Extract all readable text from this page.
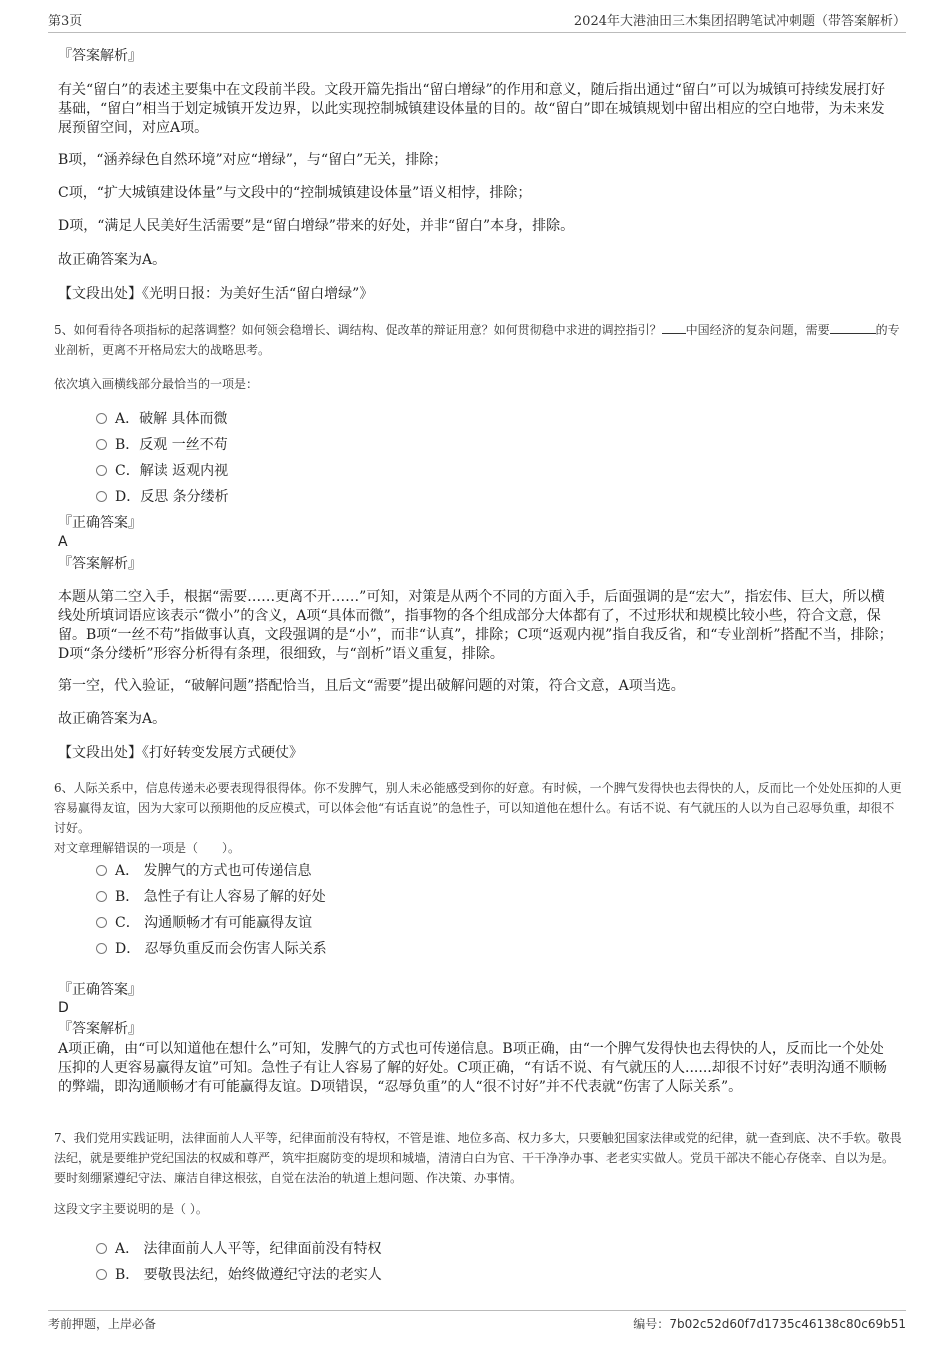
第3页	2024年大港油田三木集团招聘笔试冲刺题（带答案解析）

『答案解析』

有关“留白”的表述主要集中在文段前半段。文段开篇先指出“留白增绿”的作用和意义，随后指出通过“留白”可以为城镇可持续发展打好基础，“留白”相当于划定城镇开发边界，以此实现控制城镇建设体量的目的。故“留白”即在城镇规划中留出相应的空白地带，为未来发展预留空间，对应A项。

B项，“涵养绿色自然环境”对应“增绿”，与“留白”无关，排除；

C项，“扩大城镇建设体量”与文段中的“控制城镇建设体量”语义相悖，排除；

D项，“满足人民美好生活需要”是“留白增绿”带来的好处，并非“留白”本身，排除。

故正确答案为A。

【文段出处】《光明日报：为美好生活“留白增绿”》

5、如何看待各项指标的起落调整？如何领会稳增长、调结构、促改革的辩证用意？如何贯彻稳中求进的调控指引？ 中国经济的复杂问题，需要	的专业剖析，更离不开格局宏大的战略思考。

依次填入画横线部分最恰当的一项是：

A．破解 具体而微
B．反观 一丝不苟
C．解读 返观内视
D．反思 条分缕析

『正确答案』

A

『答案解析』

本题从第二空入手，根据“需要……更离不开……”可知，对策是从两个不同的方面入手，后面强调的是“宏大”，指宏伟、巨大，所以横线处所填词语应该表示“微小”的含义，A项“具体而微”，指事物的各个组成部分大体都有了，不过形状和规模比较小些，符合文意，保留。B项“一丝不苟”指做事认真，文段强调的是“小”，而非“认真”，排除；C项“返观内视”指自我反省，和“专业剖析”搭配不当，排除；D项“条分缕析”形容分析得有条理，很细致，与“剖析”语义重复，排除。

第一空，代入验证，“破解问题”搭配恰当，且后文“需要”提出破解问题的对策，符合文意，A项当选。

故正确答案为A。

【文段出处】《打好转变发展方式硬仗》

6、人际关系中，信息传递未必要表现得很得体。你不发脾气，别人未必能感受到你的好意。有时候，一个脾气发得快也去得快的人，反而比一个处处压抑的人更容易赢得友谊，因为大家可以预期他的反应模式，可以体会他“有话直说”的急性子，可以知道他在想什么。有话不说、有气就压的人以为自己忍辱负重，却很不讨好。

对文章理解错误的一项是（　　）。

A． 发脾气的方式也可传递信息
B． 急性子有让人容易了解的好处
C． 沟通顺畅才有可能赢得友谊
D． 忍辱负重反而会伤害人际关系

『正确答案』

D

『答案解析』

A项正确，由“可以知道他在想什么”可知，发脾气的方式也可传递信息。B项正确，由“一个脾气发得快也去得快的人，反而比一个处处压抑的人更容易赢得友谊”可知。急性子有让人容易了解的好处。C项正确，“有话不说、有气就压的人......却很不讨好”表明沟通不顺畅的弊端，即沟通顺畅才有可能赢得友谊。D项错误，“忍辱负重”的人“很不讨好”并不代表就“伤害了人际关系”。

7、我们党用实践证明，法律面前人人平等，纪律面前没有特权，不管是谁、地位多高、权力多大，只要触犯国家法律或党的纪律，就一查到底、决不手软。敬畏法纪，就是要维护党纪国法的权威和尊严，筑牢拒腐防变的堤坝和城墙，清清白白为官、干干净净办事、老老实实做人。党员干部决不能心存侥幸、自以为是。要时刻绷紧遵纪守法、廉洁自律这根弦，自觉在法治的轨道上想问题、作决策、办事情。

这段文字主要说明的是（ ）。

A． 法律面前人人平等，纪律面前没有特权
B． 要敬畏法纪，始终做遵纪守法的老实人
考前押题，上岸必备	编号：7b02c52d60f7d1735c46138c80c69b51
